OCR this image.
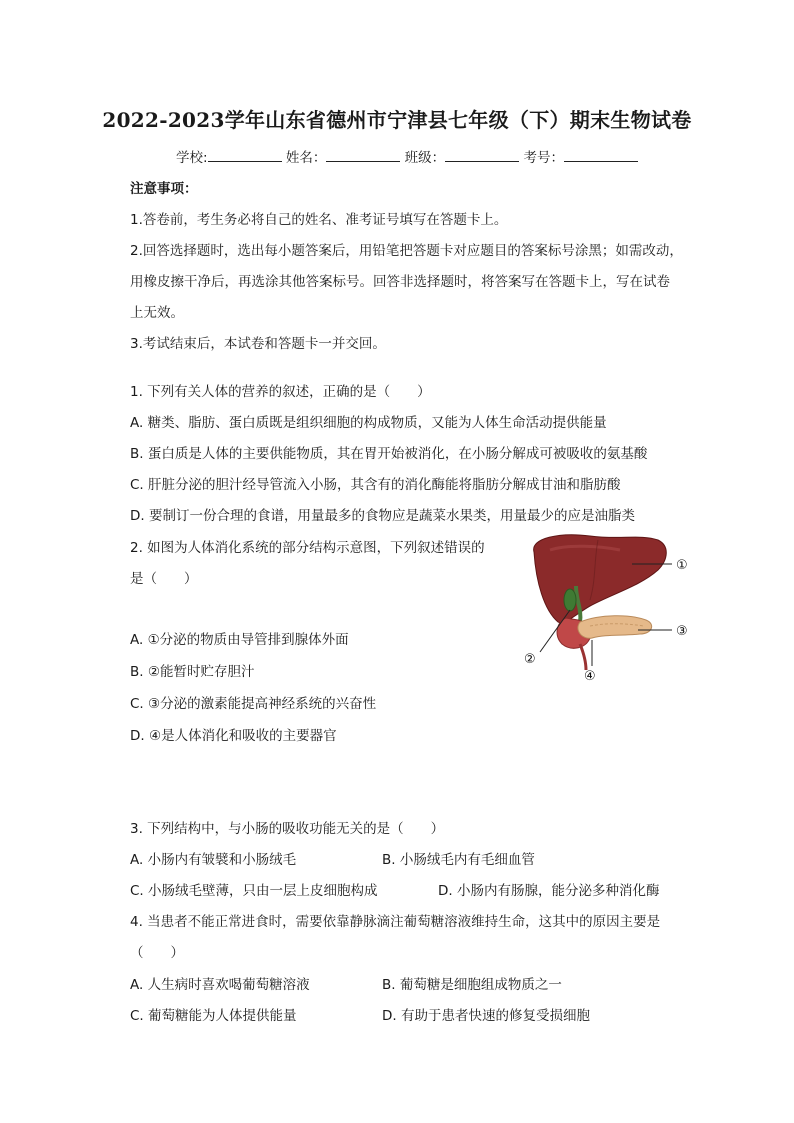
2022-2023学年山东省德州市宁津县七年级（下）期末生物试卷
学校:	姓名：	班级：	考号：
注意事项：
1.答卷前，考生务必将自己的姓名、准考证号填写在答题卡上。
2.回答选择题时，选出每小题答案后，用铅笔把答题卡对应题目的答案标号涂黑；如需改动，
用橡皮擦干净后，再选涂其他答案标号。回答非选择题时，将答案写在答题卡上，写在试卷
上无效。
3.考试结束后，本试卷和答题卡一并交回。
1. 下列有关人体的营养的叙述，正确的是（　　）
A. 糖类、脂肪、蛋白质既是组织细胞的构成物质，又能为人体生命活动提供能量
B. 蛋白质是人体的主要供能物质，其在胃开始被消化，在小肠分解成可被吸收的氨基酸
C. 肝脏分泌的胆汁经导管流入小肠，其含有的消化酶能将脂肪分解成甘油和脂肪酸
D. 要制订一份合理的食谱，用量最多的食物应是蔬菜水果类，用量最少的应是油脂类
2. 如图为人体消化系统的部分结构示意图，下列叙述错误的
是（　　）
A. ①分泌的物质由导管排到腺体外面
B. ②能暂时贮存胆汁
C. ③分泌的激素能提高神经系统的兴奋性
D. ④是人体消化和吸收的主要器官
①
③
②
④
3. 下列结构中，与小肠的吸收功能无关的是（　　）
A. 小肠内有皱襞和小肠绒毛	B. 小肠绒毛内有毛细血管
C. 小肠绒毛壁薄，只由一层上皮细胞构成	D. 小肠内有肠腺，能分泌多种消化酶
4. 当患者不能正常进食时，需要依靠静脉滴注葡萄糖溶液维持生命，这其中的原因主要是
（　　）
A. 人生病时喜欢喝葡萄糖溶液	B. 葡萄糖是细胞组成物质之一
C. 葡萄糖能为人体提供能量	D. 有助于患者快速的修复受损细胞
